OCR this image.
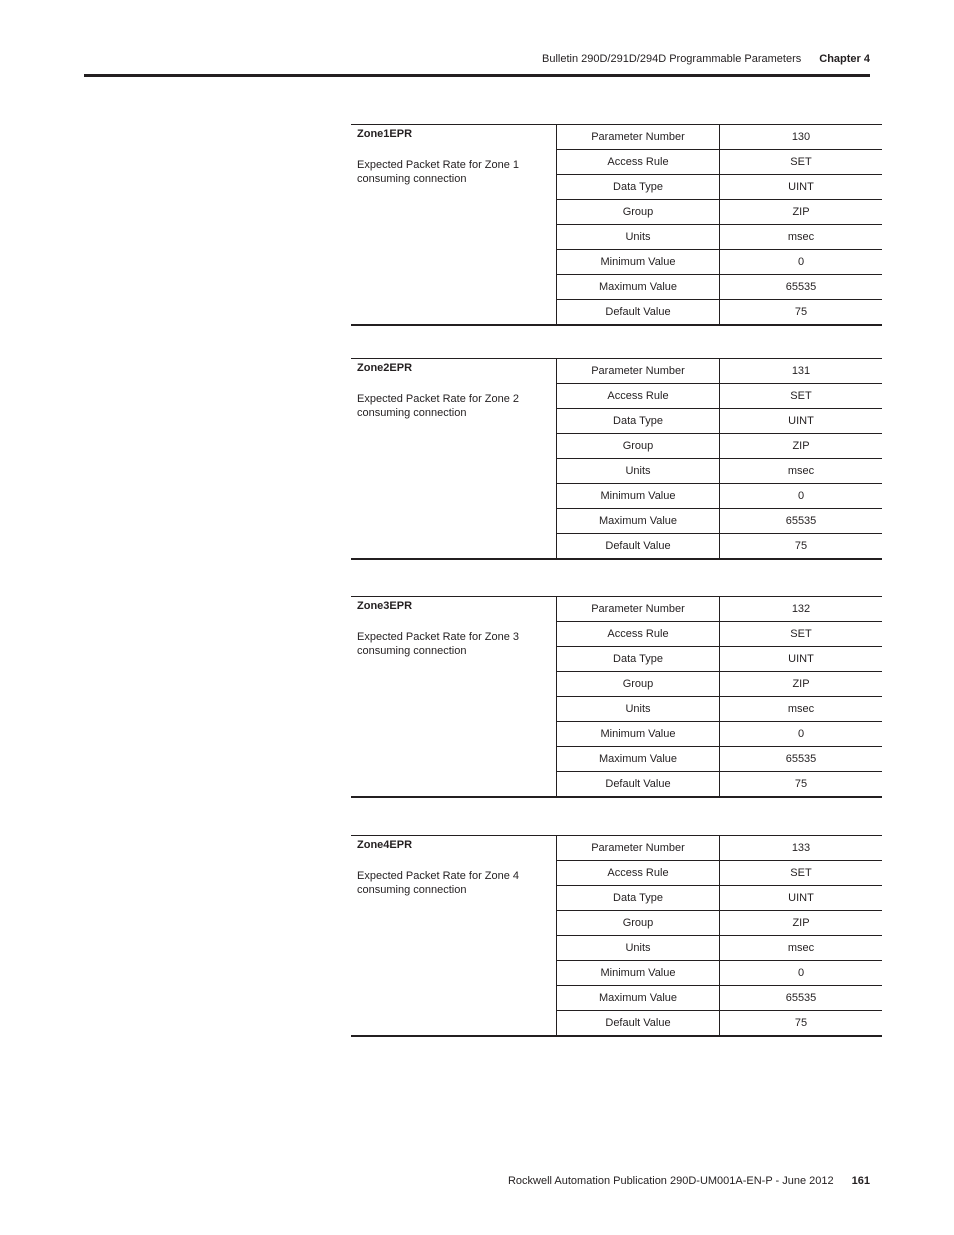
Bulletin 290D/291D/294D Programmable Parameters Chapter 4
Zone1EPR
Expected Packet Rate for Zone 1 consuming connection	Parameter Number	130
	Access Rule	SET
	Data Type	UINT
	Group	ZIP
	Units	msec
	Minimum Value	0
	Maximum Value	65535
	Default Value	75
Zone2EPR
Expected Packet Rate for Zone 2 consuming connection	Parameter Number	131
	Access Rule	SET
	Data Type	UINT
	Group	ZIP
	Units	msec
	Minimum Value	0
	Maximum Value	65535
	Default Value	75
Zone3EPR
Expected Packet Rate for Zone 3 consuming connection	Parameter Number	132
	Access Rule	SET
	Data Type	UINT
	Group	ZIP
	Units	msec
	Minimum Value	0
	Maximum Value	65535
	Default Value	75
Zone4EPR
Expected Packet Rate for Zone 4 consuming connection	Parameter Number	133
	Access Rule	SET
	Data Type	UINT
	Group	ZIP
	Units	msec
	Minimum Value	0
	Maximum Value	65535
	Default Value	75
Rockwell Automation Publication 290D-UM001A-EN-P - June 2012 161
